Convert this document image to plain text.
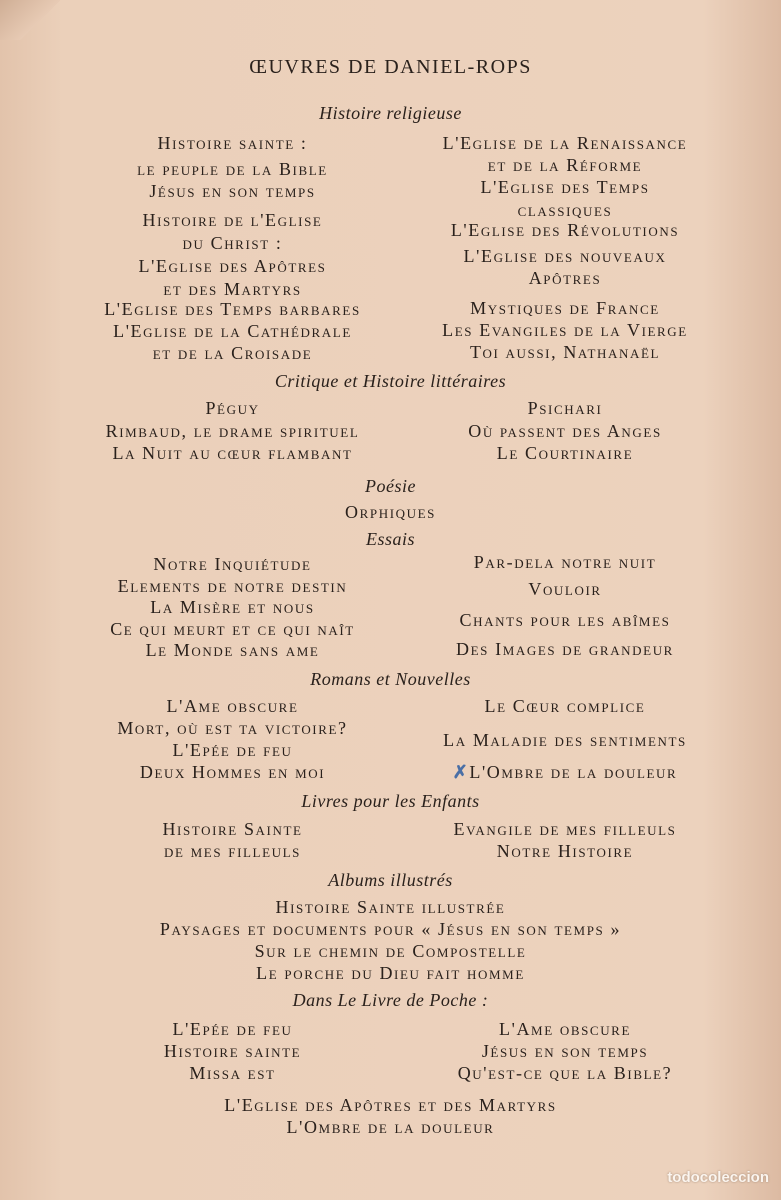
ŒUVRES DE DANIEL-ROPS
Histoire religieuse
Histoire sainte :
le peuple de la Bible
Jésus en son temps
Histoire de l'Eglise
du Christ :
L'Eglise des Apôtres
et des Martyrs
L'Eglise des Temps barbares
L'Eglise de la Cathédrale
et de la Croisade
L'Eglise de la Renaissance
et de la Réforme
L'Eglise des Temps
classiques
L'Eglise des Révolutions
L'Eglise des nouveaux
Apôtres
Mystiques de France
Les Evangiles de la Vierge
Toi aussi, Nathanaël
Critique et Histoire littéraires
Péguy
Rimbaud, le drame spirituel
La Nuit au cœur flambant
Psichari
Où passent des Anges
Le Courtinaire
Poésie
Orphiques
Essais
Notre Inquiétude
Elements de notre destin
La Misère et nous
Ce qui meurt et ce qui naît
Le Monde sans ame
Par-dela notre nuit
Vouloir
Chants pour les abîmes
Des Images de grandeur
Romans et Nouvelles
L'Ame obscure
Mort, où est ta victoire?
L'Epée de feu
Deux Hommes en moi
Le Cœur complice
La Maladie des sentiments
✗L'Ombre de la douleur
Livres pour les Enfants
Histoire Sainte
de mes filleuls
Evangile de mes filleuls
Notre Histoire
Albums illustrés
Histoire Sainte illustrée
Paysages et documents pour « Jésus en son temps »
Sur le chemin de Compostelle
Le porche du Dieu fait homme
Dans Le Livre de Poche :
L'Epée de feu
Histoire sainte
Missa est
L'Ame obscure
Jésus en son temps
Qu'est-ce que la Bible?
L'Eglise des Apôtres et des Martyrs
L'Ombre de la douleur
todocoleccion
